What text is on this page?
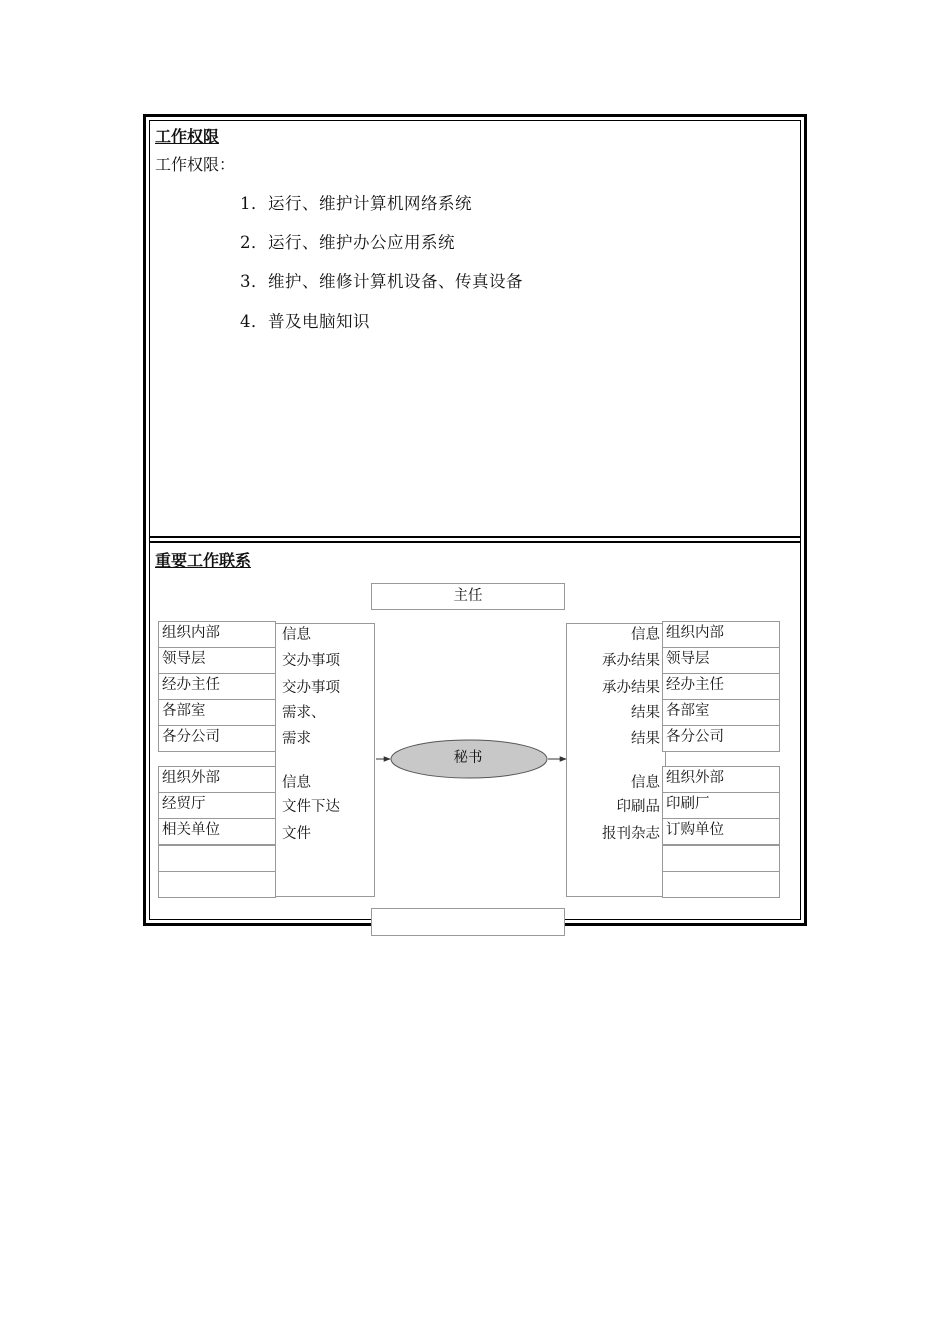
工作权限
工作权限：
1．运行、维护计算机网络系统
2．运行、维护办公应用系统
3．维护、维修计算机设备、传真设备
4．普及电脑知识
重要工作联系
主任
组织内部
领导层
经办主任
各部室
各分公司
组织外部
经贸厅
相关单位
信息
交办事项
交办事项
需求、
需求
信息
文件下达
文件
组织内部
领导层
经办主任
各部室
各分公司
组织外部
印刷厂
订购单位
信息
承办结果
承办结果
结果
结果
信息
印刷品
报刊杂志
秘书
